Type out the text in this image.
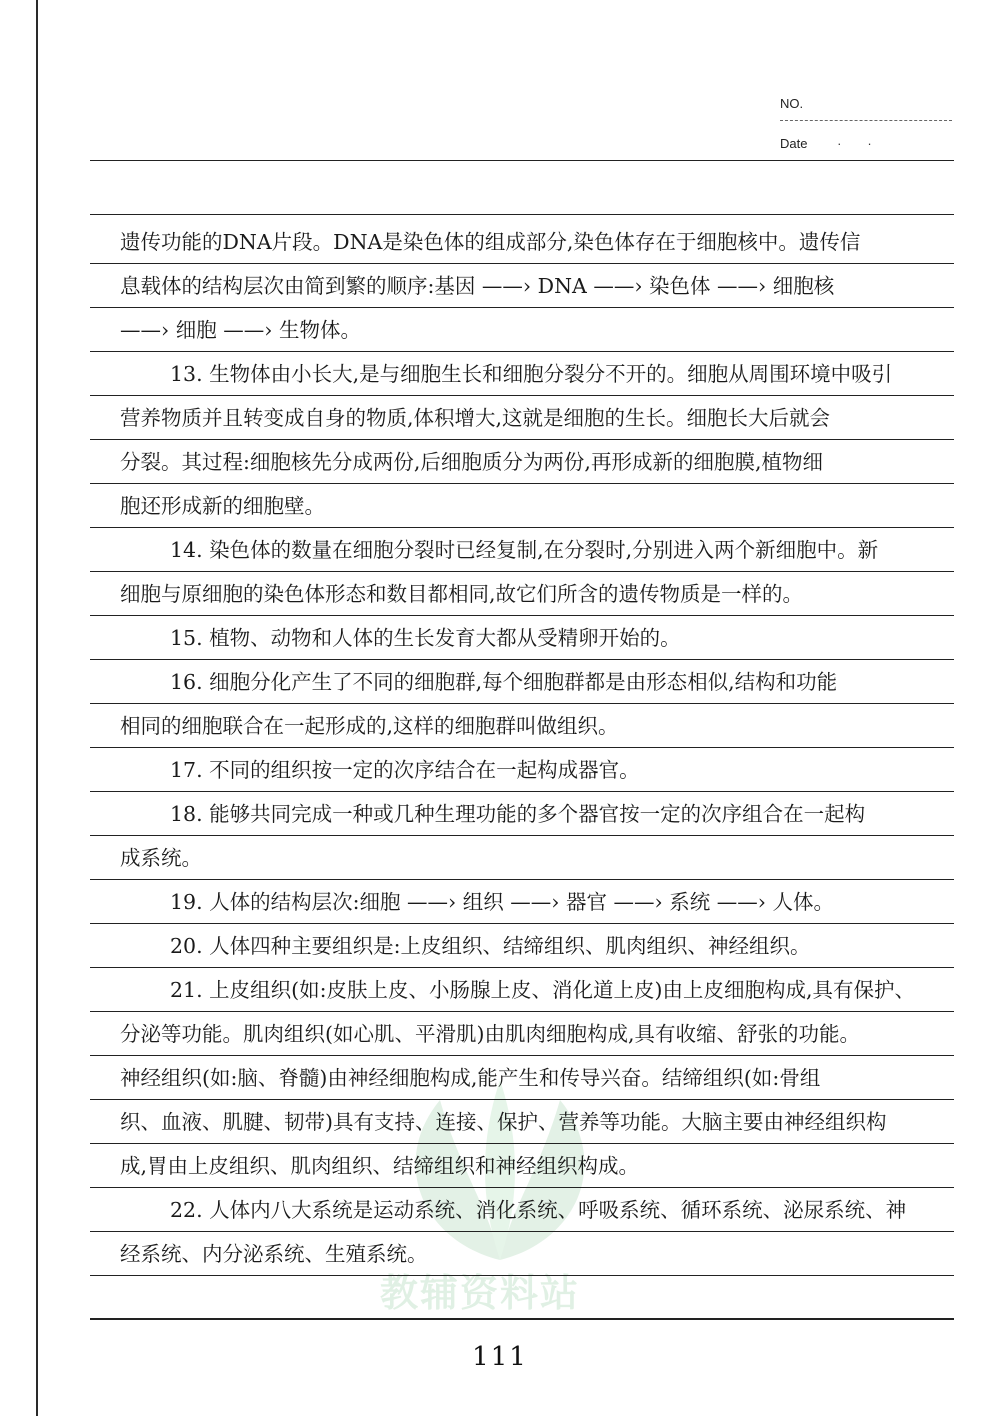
NO.
Date ··
教辅资料站
遗传功能的DNA片段。DNA是染色体的组成部分,染色体存在于细胞核中。遗传信
息载体的结构层次由简到繁的顺序:基因 ——› DNA ——› 染色体 ——› 细胞核
——› 细胞 ——› 生物体。
13. 生物体由小长大,是与细胞生长和细胞分裂分不开的。细胞从周围环境中吸引
营养物质并且转变成自身的物质,体积增大,这就是细胞的生长。细胞长大后就会
分裂。其过程:细胞核先分成两份,后细胞质分为两份,再形成新的细胞膜,植物细
胞还形成新的细胞壁。
14. 染色体的数量在细胞分裂时已经复制,在分裂时,分别进入两个新细胞中。新
细胞与原细胞的染色体形态和数目都相同,故它们所含的遗传物质是一样的。
15. 植物、动物和人体的生长发育大都从受精卵开始的。
16. 细胞分化产生了不同的细胞群,每个细胞群都是由形态相似,结构和功能
相同的细胞联合在一起形成的,这样的细胞群叫做组织。
17. 不同的组织按一定的次序结合在一起构成器官。
18. 能够共同完成一种或几种生理功能的多个器官按一定的次序组合在一起构
成系统。
19. 人体的结构层次:细胞 ——› 组织 ——› 器官 ——› 系统 ——› 人体。
20. 人体四种主要组织是:上皮组织、结缔组织、肌肉组织、神经组织。
21. 上皮组织(如:皮肤上皮、小肠腺上皮、消化道上皮)由上皮细胞构成,具有保护、
分泌等功能。肌肉组织(如心肌、平滑肌)由肌肉细胞构成,具有收缩、舒张的功能。
神经组织(如:脑、脊髓)由神经细胞构成,能产生和传导兴奋。结缔组织(如:骨组
织、血液、肌腱、韧带)具有支持、连接、保护、营养等功能。大脑主要由神经组织构
成,胃由上皮组织、肌肉组织、结缔组织和神经组织构成。
22. 人体内八大系统是运动系统、消化系统、呼吸系统、循环系统、泌尿系统、神
经系统、内分泌系统、生殖系统。
111
